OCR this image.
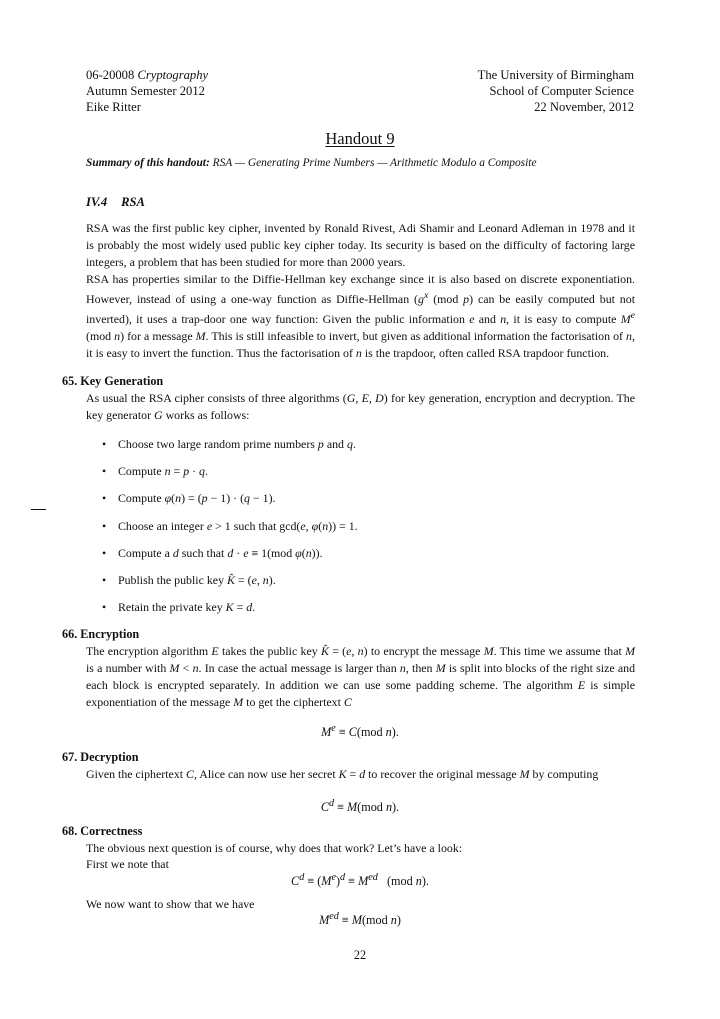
06-20008 Cryptography
Autumn Semester 2012
Eike Ritter
The University of Birmingham
School of Computer Science
22 November, 2012
Handout 9
Summary of this handout: RSA — Generating Prime Numbers — Arithmetic Modulo a Composite
IV.4 RSA
RSA was the first public key cipher, invented by Ronald Rivest, Adi Shamir and Leonard Adleman in 1978 and it is probably the most widely used public key cipher today. Its security is based on the difficulty of factoring large integers, a problem that has been studied for more than 2000 years.
RSA has properties similar to the Diffie-Hellman key exchange since it is also based on discrete exponentiation. However, instead of using a one-way function as Diffie-Hellman ($g^x$ (mod p) can be easily computed but not inverted), it uses a trap-door one way function: Given the public information e and n, it is easy to compute Me (mod n) for a message M. This is still infeasible to invert, but given as additional information the factorisation of n, it is easy to invert the function. Thus the factorisation of n is the trapdoor, often called RSA trapdoor function.
65. Key Generation
As usual the RSA cipher consists of three algorithms (G, E, D) for key generation, encryption and decryption. The key generator G works as follows:
• Choose two large random prime numbers p and q.
• Compute n = p · q.
• Compute φ(n) = (p − 1) · (q − 1).
• Choose an integer e > 1 such that gcd(e, φ(n)) = 1.
• Compute a d such that d · e ≡ 1(mod φ(n)).
• Publish the public key K̂ = (e, n).
• Retain the private key K = d.
66. Encryption
The encryption algorithm E takes the public key K̂ = (e, n) to encrypt the message M. This time we assume that M is a number with M < n. In case the actual message is larger than n, then M is split into blocks of the right size and each block is encrypted separately. In addition we can use some padding scheme. The algorithm E is simple exponentiation of the message M to get the ciphertext C
$M^e \equiv C(mod$ n).
67. Decryption
Given the ciphertext C, Alice can now use her secret K = d to recover the original message M by computing
$C^d \equiv M(mod$ n).
68. Correctness
The obvious next question is of course, why does that work? Let’s have a look:
First we note that
$C^d \equiv (M^e)^d \equiv M^{ed}$   (mod n).
We now want to show that we have
$M^{ed} \equiv M(mod$ n)
22
